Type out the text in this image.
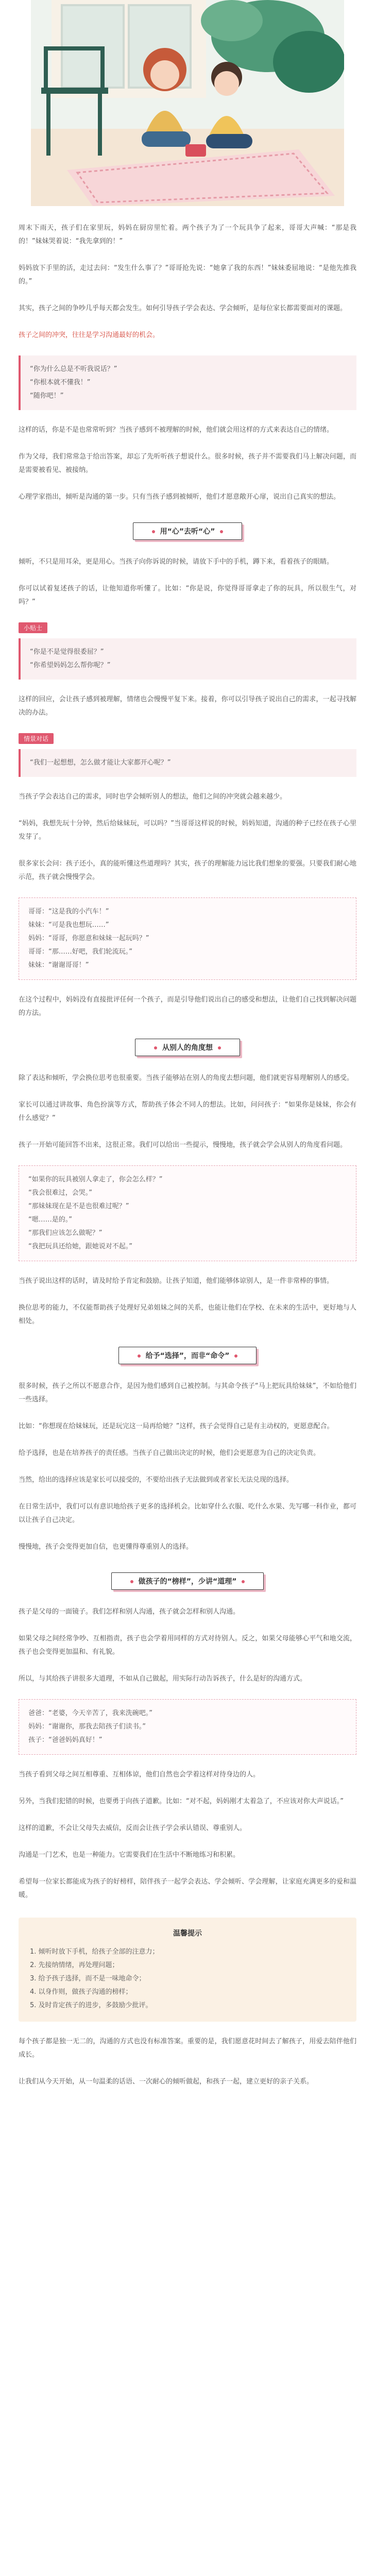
周末下雨天，孩子们在家里玩，妈妈在厨房里忙着。两个孩子为了一个玩具争了起来，哥哥大声喊：“那是我的！”妹妹哭着说：“我先拿到的！”

妈妈放下手里的活，走过去问：“发生什么事了？”哥哥抢先说：“她拿了我的东西！”妹妹委屈地说：“是他先推我的。”

其实，孩子之间的争吵几乎每天都会发生。如何引导孩子学会表达、学会倾听，是每位家长都需要面对的课题。

孩子之间的冲突，往往是学习沟通最好的机会。

“你为什么总是不听我说话？”
“你根本就不懂我！”
“随你吧！”

这样的话，你是不是也常常听到？当孩子感到不被理解的时候，他们就会用这样的方式来表达自己的情绪。

作为父母，我们常常急于给出答案，却忘了先听听孩子想说什么。很多时候，孩子并不需要我们马上解决问题，而是需要被看见、被接纳。

心理学家指出，倾听是沟通的第一步。只有当孩子感到被倾听，他们才愿意敞开心扉，说出自己真实的想法。

用“心”去听“心”

倾听，不只是用耳朵，更是用心。当孩子向你诉说的时候，请放下手中的手机，蹲下来，看着孩子的眼睛。

你可以试着复述孩子的话，让他知道你听懂了。比如：“你是说，你觉得哥哥拿走了你的玩具，所以很生气，对吗？”

小贴士
“你是不是觉得很委屈？”
“你希望妈妈怎么帮你呢？”

这样的回应，会让孩子感到被理解，情绪也会慢慢平复下来。接着，你可以引导孩子说出自己的需求，一起寻找解决的办法。

情景对话
“我们一起想想，怎么做才能让大家都开心呢？”

当孩子学会表达自己的需求，同时也学会倾听别人的想法，他们之间的冲突就会越来越少。

“妈妈，我想先玩十分钟，然后给妹妹玩，可以吗？”当哥哥这样说的时候，妈妈知道，沟通的种子已经在孩子心里发芽了。

很多家长会问：孩子还小，真的能听懂这些道理吗？其实，孩子的理解能力远比我们想象的要强。只要我们耐心地示范，孩子就会慢慢学会。

哥哥：“这是我的小汽车！”
妹妹：“可是我也想玩……”
妈妈：“哥哥，你愿意和妹妹一起玩吗？”
哥哥：“那……好吧，我们轮流玩。”
妹妹：“谢谢哥哥！”

在这个过程中，妈妈没有直接批评任何一个孩子，而是引导他们说出自己的感受和想法，让他们自己找到解决问题的方法。

从别人的角度想

除了表达和倾听，学会换位思考也很重要。当孩子能够站在别人的角度去想问题，他们就更容易理解别人的感受。

家长可以通过讲故事、角色扮演等方式，帮助孩子体会不同人的想法。比如，问问孩子：“如果你是妹妹，你会有什么感觉？”

孩子一开始可能回答不出来，这很正常。我们可以给出一些提示，慢慢地，孩子就会学会从别人的角度看问题。

“如果你的玩具被别人拿走了，你会怎么样？”
“我会很难过，会哭。”
“那妹妹现在是不是也很难过呢？”
“嗯……是的。”
“那我们应该怎么做呢？”
“我把玩具还给她，跟她说对不起。”

当孩子说出这样的话时，请及时给予肯定和鼓励。让孩子知道，他们能够体谅别人，是一件非常棒的事情。

换位思考的能力，不仅能帮助孩子处理好兄弟姐妹之间的关系，也能让他们在学校、在未来的生活中，更好地与人相处。

给予“选择”，而非“命令”

很多时候，孩子之所以不愿意合作，是因为他们感到自己被控制。与其命令孩子“马上把玩具给妹妹”，不如给他们一些选择。

比如：“你想现在给妹妹玩，还是玩完这一局再给她？”这样，孩子会觉得自己是有主动权的，更愿意配合。

给予选择，也是在培养孩子的责任感。当孩子自己做出决定的时候，他们会更愿意为自己的决定负责。

当然，给出的选择应该是家长可以接受的，不要给出孩子无法做到或者家长无法兑现的选择。

在日常生活中，我们可以有意识地给孩子更多的选择机会。比如穿什么衣服、吃什么水果、先写哪一科作业，都可以让孩子自己决定。

慢慢地，孩子会变得更加自信，也更懂得尊重别人的选择。

做孩子的“榜样”，少讲“道理”

孩子是父母的一面镜子。我们怎样和别人沟通，孩子就会怎样和别人沟通。

如果父母之间经常争吵、互相指责，孩子也会学着用同样的方式对待别人。反之，如果父母能够心平气和地交流，孩子也会变得更加温和、有礼貌。

所以，与其给孩子讲很多大道理，不如从自己做起，用实际行动告诉孩子，什么是好的沟通方式。

爸爸：“老婆，今天辛苦了，我来洗碗吧。”
妈妈：“谢谢你，那我去陪孩子们读书。”
孩子：“爸爸妈妈真好！”

当孩子看到父母之间互相尊重、互相体谅，他们自然也会学着这样对待身边的人。

另外，当我们犯错的时候，也要勇于向孩子道歉。比如：“对不起，妈妈刚才太着急了，不应该对你大声说话。”

这样的道歉，不会让父母失去威信，反而会让孩子学会承认错误、尊重别人。

沟通是一门艺术，也是一种能力。它需要我们在生活中不断地练习和积累。

希望每一位家长都能成为孩子的好榜样，陪伴孩子一起学会表达、学会倾听、学会理解，让家庭充满更多的爱和温暖。

温馨提示
1. 倾听时放下手机，给孩子全部的注意力；
2. 先接纳情绪，再处理问题；
3. 给予孩子选择，而不是一味地命令；
4. 以身作则，做孩子沟通的榜样；
5. 及时肯定孩子的进步，多鼓励少批评。

每个孩子都是独一无二的，沟通的方式也没有标准答案。重要的是，我们愿意花时间去了解孩子，用爱去陪伴他们成长。

让我们从今天开始，从一句温柔的话语、一次耐心的倾听做起，和孩子一起，建立更好的亲子关系。
